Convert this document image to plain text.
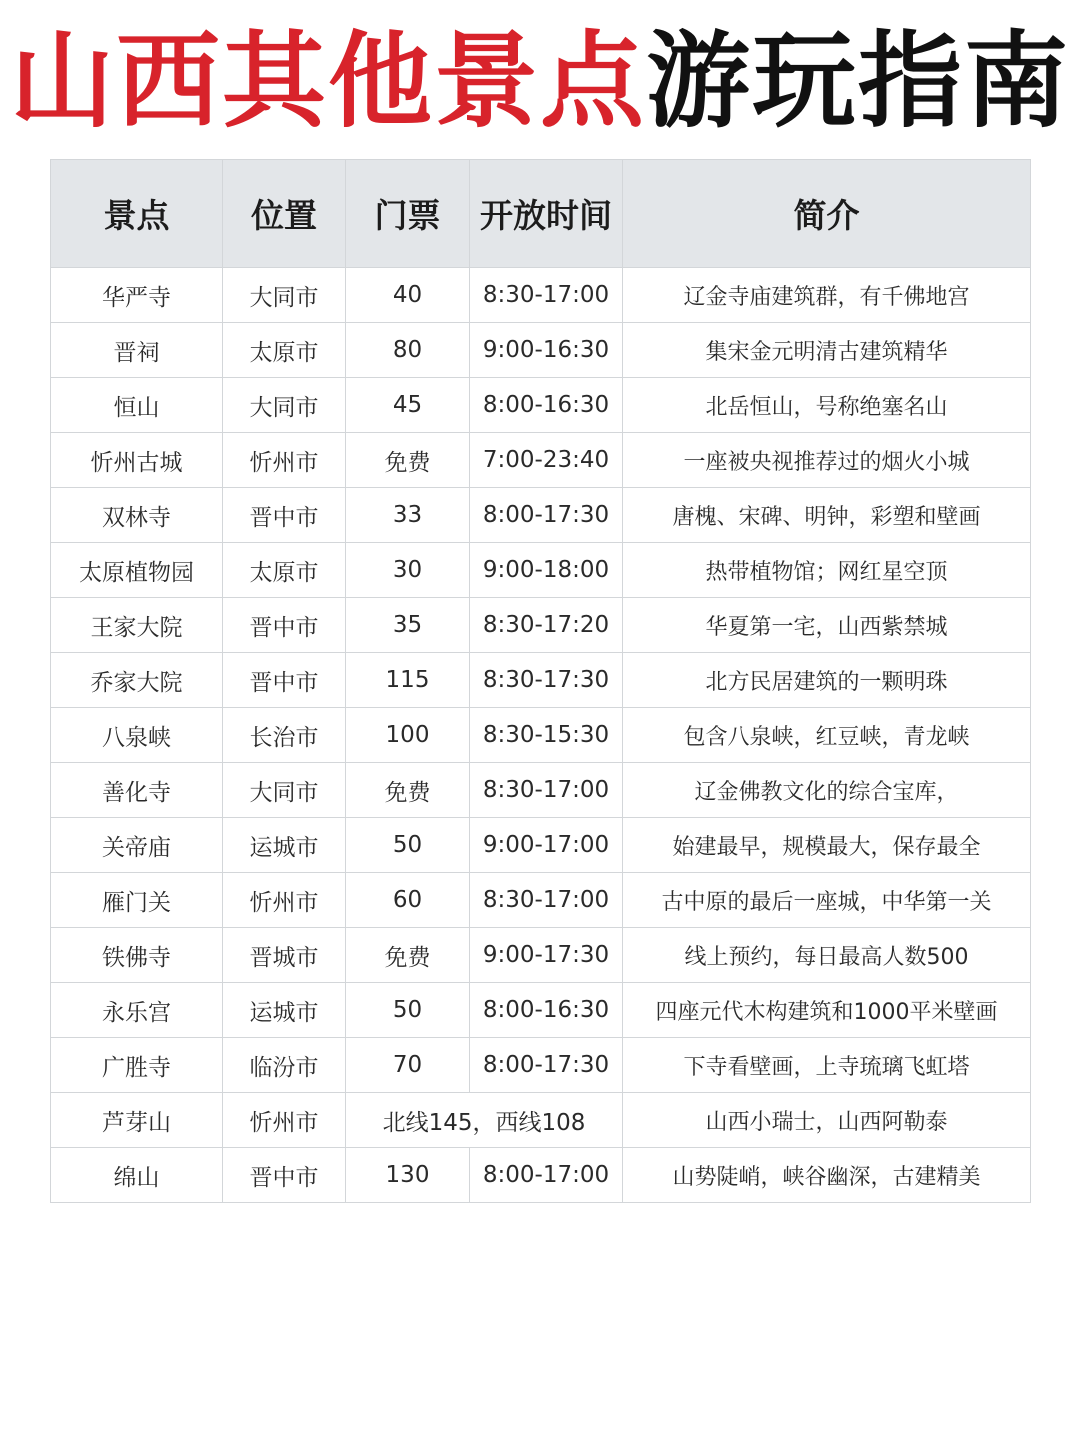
山西其他景点 游玩指南
景点	位置	门票	开放时间	简介
华严寺	大同市	40	8:30-17:00	辽金寺庙建筑群，有千佛地宫
晋祠	太原市	80	9:00-16:30	集宋金元明清古建筑精华
恒山	大同市	45	8:00-16:30	北岳恒山，号称绝塞名山
忻州古城	忻州市	免费	7:00-23:40	一座被央视推荐过的烟火小城
双林寺	晋中市	33	8:00-17:30	唐槐、宋碑、明钟，彩塑和壁画
太原植物园	太原市	30	9:00-18:00	热带植物馆；网红星空顶
王家大院	晋中市	35	8:30-17:20	华夏第一宅，山西紫禁城
乔家大院	晋中市	115	8:30-17:30	北方民居建筑的一颗明珠
八泉峡	长治市	100	8:30-15:30	包含八泉峡，红豆峡，青龙峡
善化寺	大同市	免费	8:30-17:00	辽金佛教文化的综合宝库，
关帝庙	运城市	50	9:00-17:00	始建最早，规模最大，保存最全
雁门关	忻州市	60	8:30-17:00	古中原的最后一座城，中华第一关
铁佛寺	晋城市	免费	9:00-17:30	线上预约，每日最高人数500
永乐宫	运城市	50	8:00-16:30	四座元代木构建筑和1000平米壁画
广胜寺	临汾市	70	8:00-17:30	下寺看壁画，上寺琉璃飞虹塔
芦芽山	忻州市	北线145，西线108		山西小瑞士，山西阿勒泰
绵山	晋中市	130	8:00-17:00	山势陡峭，峡谷幽深，古建精美
